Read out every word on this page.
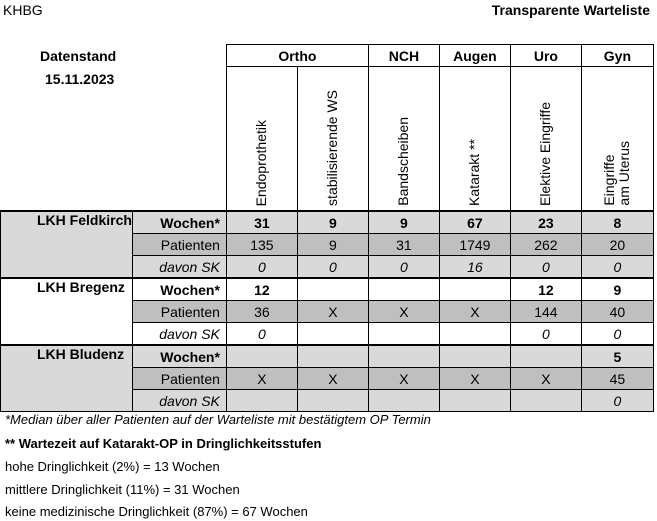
KHBG	Transparente Warteliste
Datenstand
15.11.2023
		Ortho		NCH	Augen	Uro	Gyn

		Endoprothetik	stabilisierende WS	Bandscheiben	Katarakt **	Elektive Eingriffe	Eingriffe
am Uterus

LKH Feldkirch	Wochen*	31	9	9	67	23	8
	Patienten	135	9	31	1749	262	20
	davon SK	0	0	0	16	0	0
LKH Bregenz	Wochen*	12				12	9
	Patienten	36	X	X	X	144	40
	davon SK	0				0	0
LKH Bludenz	Wochen*						5
	Patienten	X	X	X	X	X	45
	davon SK						0
*Median über aller Patienten auf der Warteliste mit bestätigtem OP Termin
** Wartezeit auf Katarakt-OP in Dringlichkeitsstufen
hohe Dringlichkeit (2%) = 13 Wochen
mittlere Dringlichkeit (11%) = 31 Wochen
keine medizinische Dringlichkeit (87%) = 67 Wochen
